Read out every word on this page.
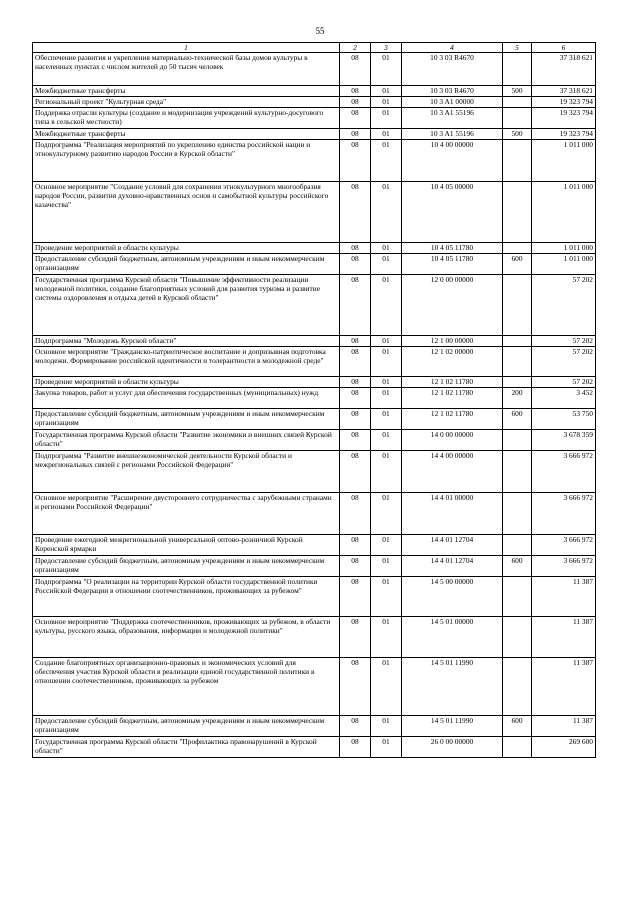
55
1	2	3	4	5	6
Обеспечение развития и укрепления материально-технической базы домов культуры в населенных пунктах с числом жителей до 50 тысяч человек	08	01	10 3 03 R4670		37 318 621
Межбюджетные трансферты	08	01	10 3 03 R4670	500	37 318 621
Региональный проект "Культурная среда"	08	01	10 3 A1 00000		19 323 794
Поддержка отрасли культуры (создание и модернизация учреждений культурно-досугового типа в сельской местности)	08	01	10 3 A1 55196		19 323 794
Межбюджетные трансферты	08	01	10 3 A1 55196	500	19 323 794
Подпрограмма "Реализация мероприятий по укреплению единства российской нации и этнокультурному развитию народов России в Курской области"	08	01	10 4 00 00000		1 011 000
Основное мероприятие "Создание условий для сохранения этнокультурного многообразия народов России, развития духовно-нравственных основ и самобытной культуры российского казачества"	08	01	10 4 05 00000		1 011 000
Проведение мероприятий в области культуры	08	01	10 4 05 11780		1 011 000
Предоставление субсидий бюджетным, автономным учреждениям и иным некоммерческим организациям	08	01	10 4 05 11780	600	1 011 000
Государственная программа Курской области "Повышение эффективности реализации молодежной политики, создание благоприятных условий для развития туризма и развитие системы оздоровления и отдыха детей в Курской области"	08	01	12 0 00 00000		57 202
Подпрограмма "Молодежь Курской области"	08	01	12 1 00 00000		57 202
Основное мероприятие "Гражданско-патриотическое воспитание и допризывная подготовка молодежи. Формирование российской идентичности и толерантности в молодежной среде"	08	01	12 1 02 00000		57 202
Проведение мероприятий в области культуры	08	01	12 1 02 11780		57 202
Закупка товаров, работ и услуг для обеспечения государственных (муниципальных) нужд	08	01	12 1 02 11780	200	3 452
Предоставление субсидий бюджетным, автономным учреждениям и иным некоммерческим организациям	08	01	12 1 02 11780	600	53 750
Государственная программа Курской области "Развитие экономики и внешних связей Курской области"	08	01	14 0 00 00000		3 678 359
Подпрограмма "Развитие внешнеэкономической деятельности Курской области и межрегиональных связей с регионами Российской Федерации"	08	01	14 4 00 00000		3 666 972
Основное мероприятие "Расширение двустороннего сотрудничества с зарубежными странами и регионами Российской Федерации"	08	01	14 4 01 00000		3 666 972
Проведение ежегодной межрегиональной универсальной оптово-розничной Курской Коренской ярмарки	08	01	14 4 01 12704		3 666 972
Предоставление субсидий бюджетным, автономным учреждениям и иным некоммерческим организациям	08	01	14 4 01 12704	600	3 666 972
Подпрограмма "О реализации на территории Курской области государственной политики Российской Федерации в отношении соотечественников, проживающих за рубежом"	08	01	14 5 00 00000		11 387
Основное мероприятие "Поддержка соотечественников, проживающих за рубежом, в области культуры, русского языка, образования, информации и молодежной политики"	08	01	14 5 01 00000		11 387
Создание благоприятных организационно-правовых и экономических условий для обеспечения участия Курской области в реализации единой государственной политики в отношении соотечественников, проживающих за рубежом	08	01	14 5 01 11990		11 387
Предоставление субсидий бюджетным, автономным учреждениям и иным некоммерческим организациям	08	01	14 5 01 11990	600	11 387
Государственная программа Курской области "Профилактика правонарушений в Курской области"	08	01	26 0 00 00000		269 600
